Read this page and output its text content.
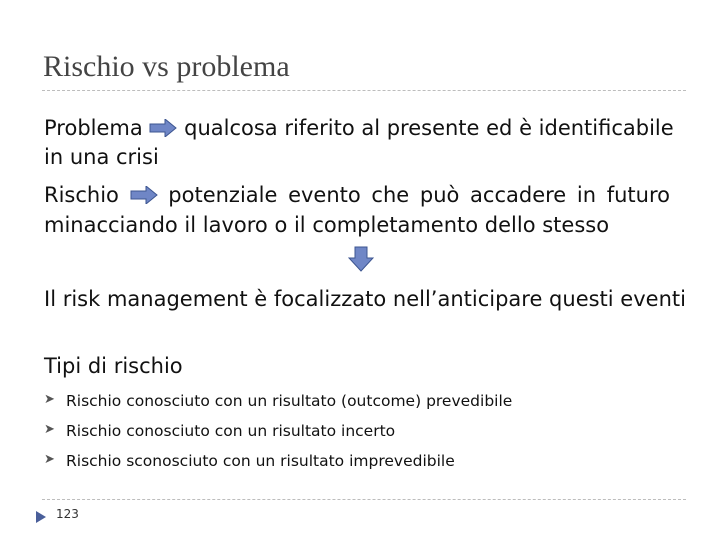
Rischio vs problema
Problema qualcosa riferito al presente ed è identificabile
in una crisi
Rischio potenziale evento che può accadere in futuro
minacciando il lavoro o il completamento dello stesso
Il risk management è focalizzato nell’anticipare questi eventi
Tipi di rischio
➤ Rischio conosciuto con un risultato (outcome) prevedibile
➤ Rischio conosciuto con un risultato incerto
➤ Rischio sconosciuto con un risultato imprevedibile
123
